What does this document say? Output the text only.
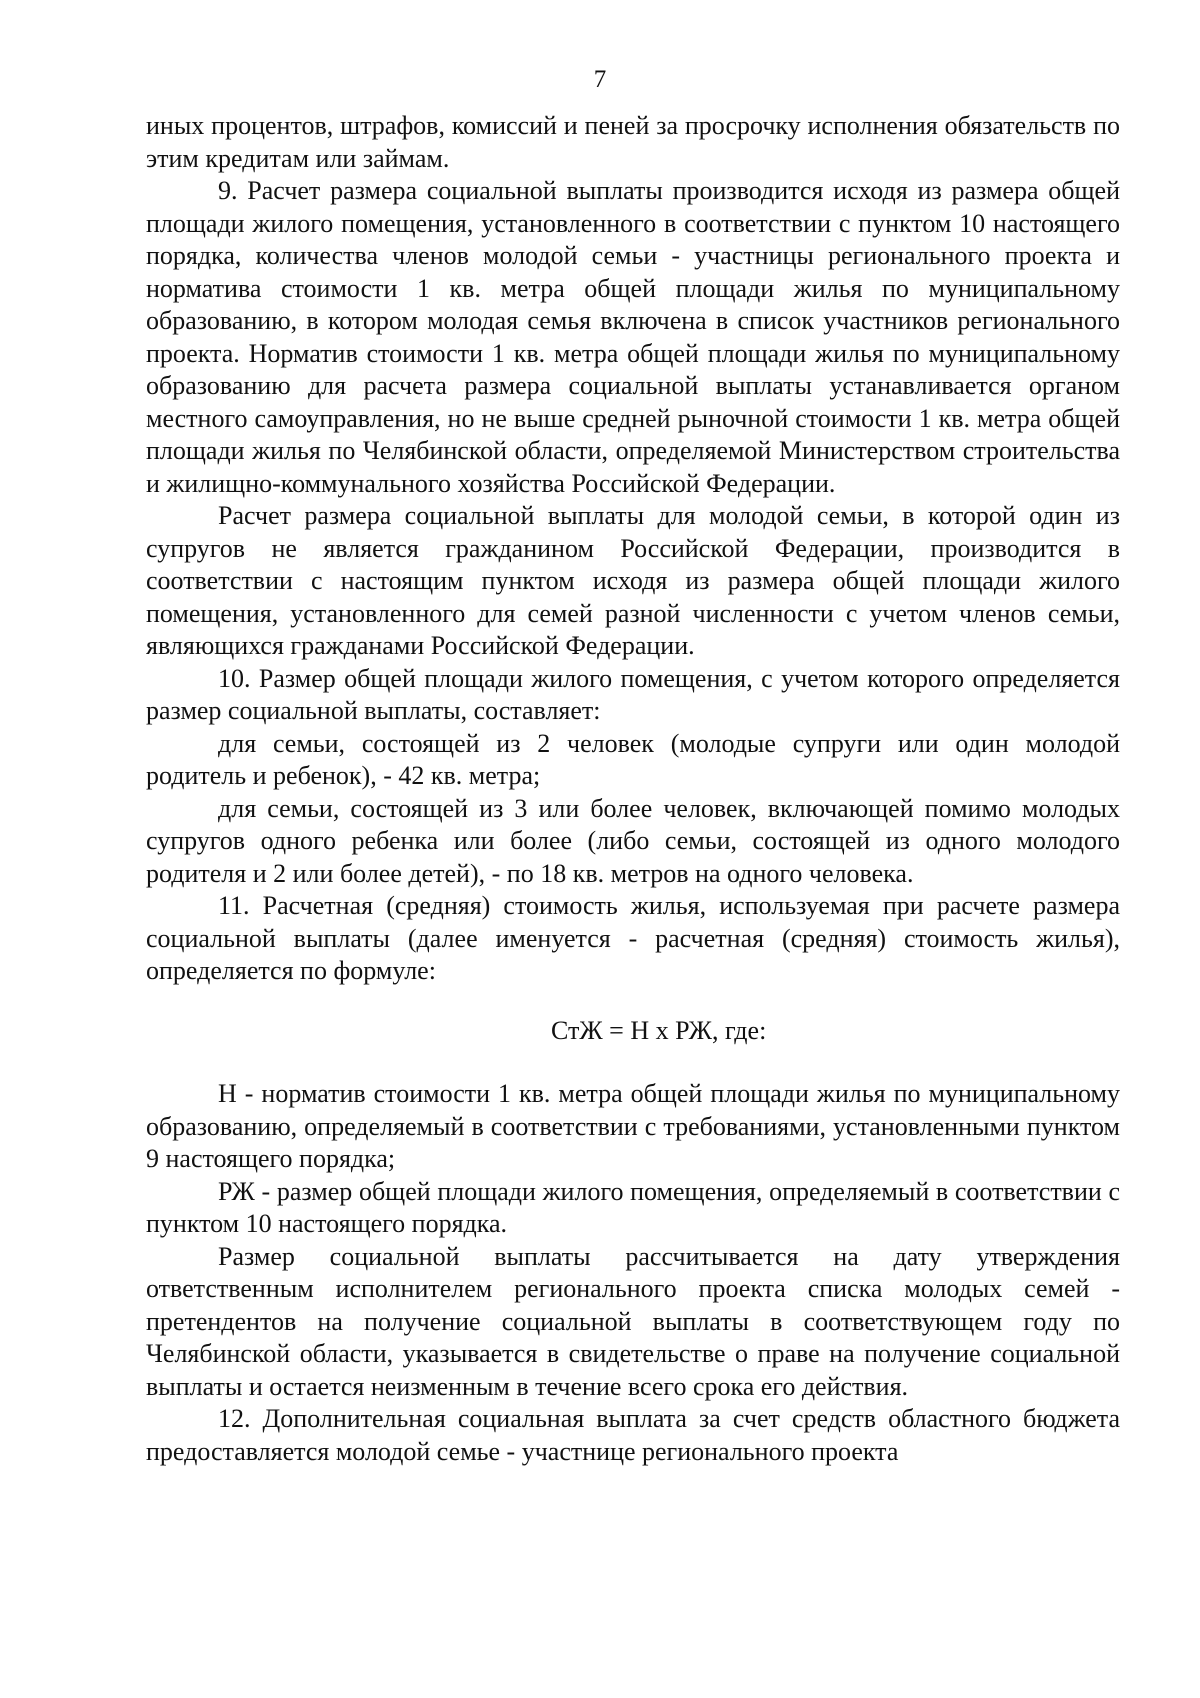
7

иных процентов, штрафов, комиссий и пеней за просрочку исполнения обязательств по этим кредитам или займам.

9. Расчет размера социальной выплаты производится исходя из размера общей площади жилого помещения, установленного в соответствии с пунктом 10 настоящего порядка, количества членов молодой семьи - участницы регионального проекта и норматива стоимости 1 кв. метра общей площади жилья по муниципальному образованию, в котором молодая семья включена в список участников регионального проекта. Норматив стоимости 1 кв. метра общей площади жилья по муниципальному образованию для расчета размера социальной выплаты устанавливается органом местного самоуправления, но не выше средней рыночной стоимости 1 кв. метра общей площади жилья по Челябинской области, определяемой Министерством строительства и жилищно-коммунального хозяйства Российской Федерации.

Расчет размера социальной выплаты для молодой семьи, в которой один из супругов не является гражданином Российской Федерации, производится в соответствии с настоящим пунктом исходя из размера общей площади жилого помещения, установленного для семей разной численности с учетом членов семьи, являющихся гражданами Российской Федерации.

10. Размер общей площади жилого помещения, с учетом которого определяется размер социальной выплаты, составляет:

для семьи, состоящей из 2 человек (молодые супруги или один молодой родитель и ребенок), - 42 кв. метра;

для семьи, состоящей из 3 или более человек, включающей помимо молодых супругов одного ребенка или более (либо семьи, состоящей из одного молодого родителя и 2 или более детей), - по 18 кв. метров на одного человека.

11. Расчетная (средняя) стоимость жилья, используемая при расчете размера социальной выплаты (далее именуется - расчетная (средняя) стоимость жилья), определяется по формуле:

СтЖ = Н х РЖ, где:

Н - норматив стоимости 1 кв. метра общей площади жилья по муниципальному образованию, определяемый в соответствии с требованиями, установленными пунктом 9 настоящего порядка;

РЖ - размер общей площади жилого помещения, определяемый в соответствии с пунктом 10 настоящего порядка.

Размер социальной выплаты рассчитывается на дату утверждения ответственным исполнителем регионального проекта списка молодых семей - претендентов на получение социальной выплаты в соответствующем году по Челябинской области, указывается в свидетельстве о праве на получение социальной выплаты и остается неизменным в течение всего срока его действия.

12. Дополнительная социальная выплата за счет средств областного бюджета предоставляется молодой семье - участнице регионального проекта
